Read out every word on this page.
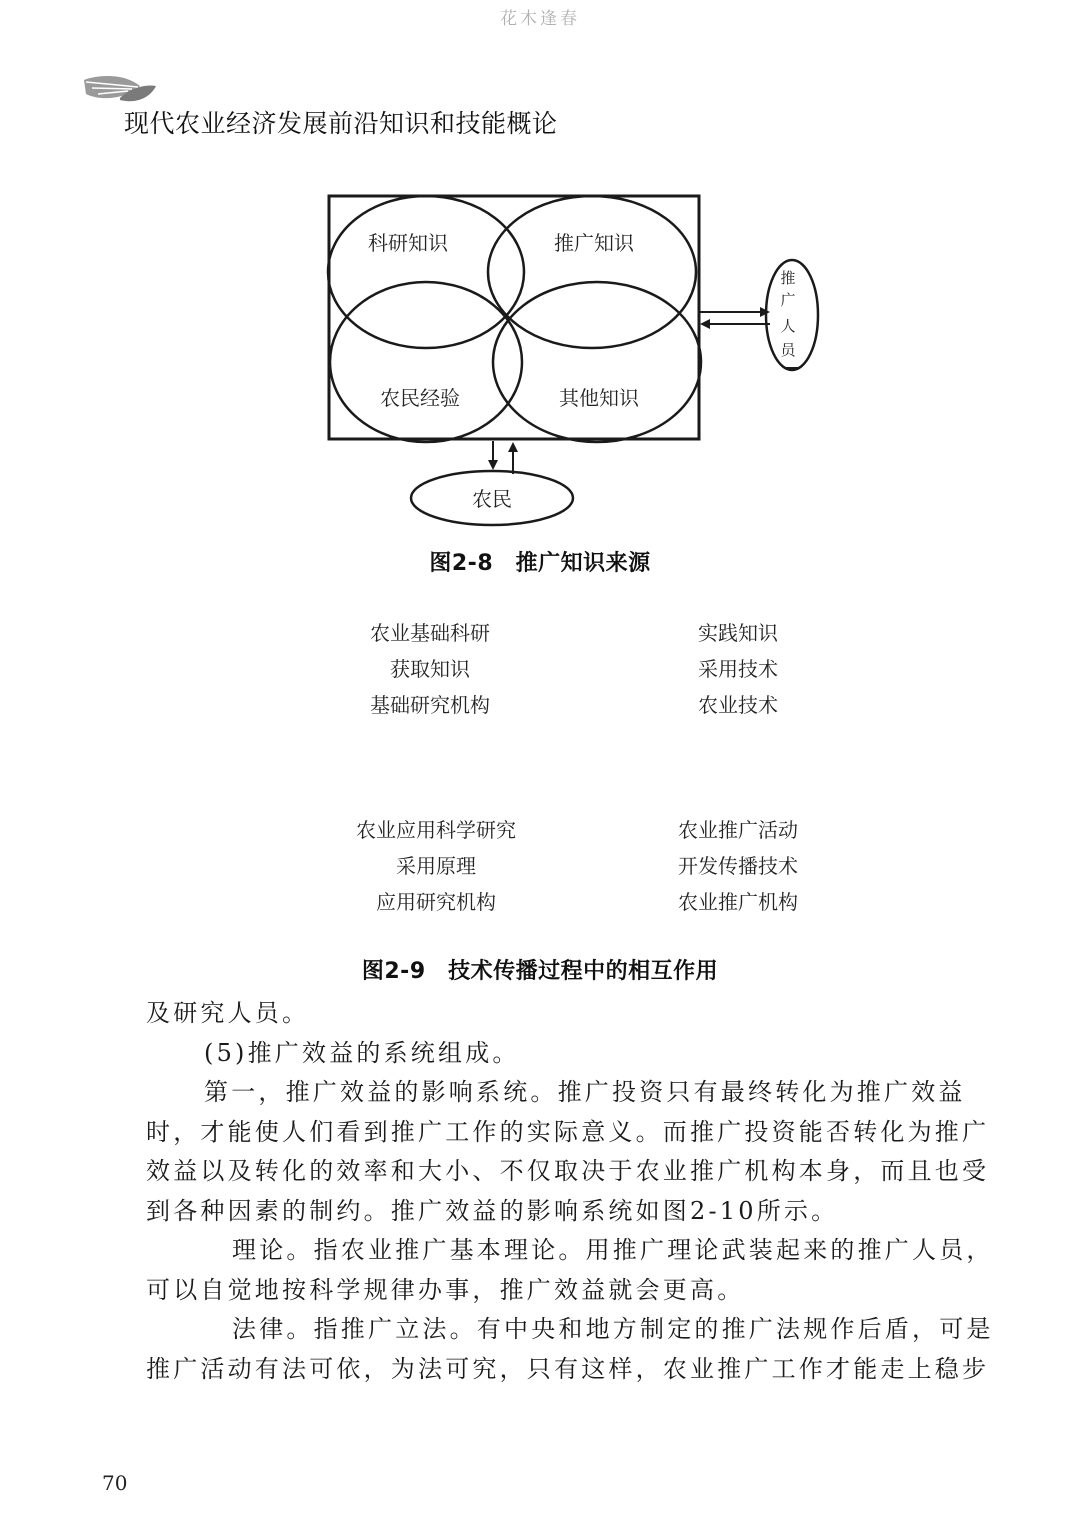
花木逢春
现代农业经济发展前沿知识和技能概论
科研知识	推广知识
农民经验	其他知识
推
广
人
员
农民
图2-8　推广知识来源
农业基础科研
获取知识
基础研究机构
实践知识
采用技术
农业技术
农业应用科学研究
采用原理
应用研究机构
农业推广活动
开发传播技术
农业推广机构
图2-9　技术传播过程中的相互作用

及研究人员。

(5)推广效益的系统组成。

第一，推广效益的影响系统。推广投资只有最终转化为推广效益时，才能使人们看到推广工作的实际意义。而推广投资能否转化为推广效益以及转化的效率和大小、不仅取决于农业推广机构本身，而且也受到各种因素的制约。推广效益的影响系统如图2-10所示。

理论。指农业推广基本理论。用推广理论武装起来的推广人员，可以自觉地按科学规律办事，推广效益就会更高。

法律。指推广立法。有中央和地方制定的推广法规作后盾，可是推广活动有法可依，为法可究，只有这样，农业推广工作才能走上稳步

70
